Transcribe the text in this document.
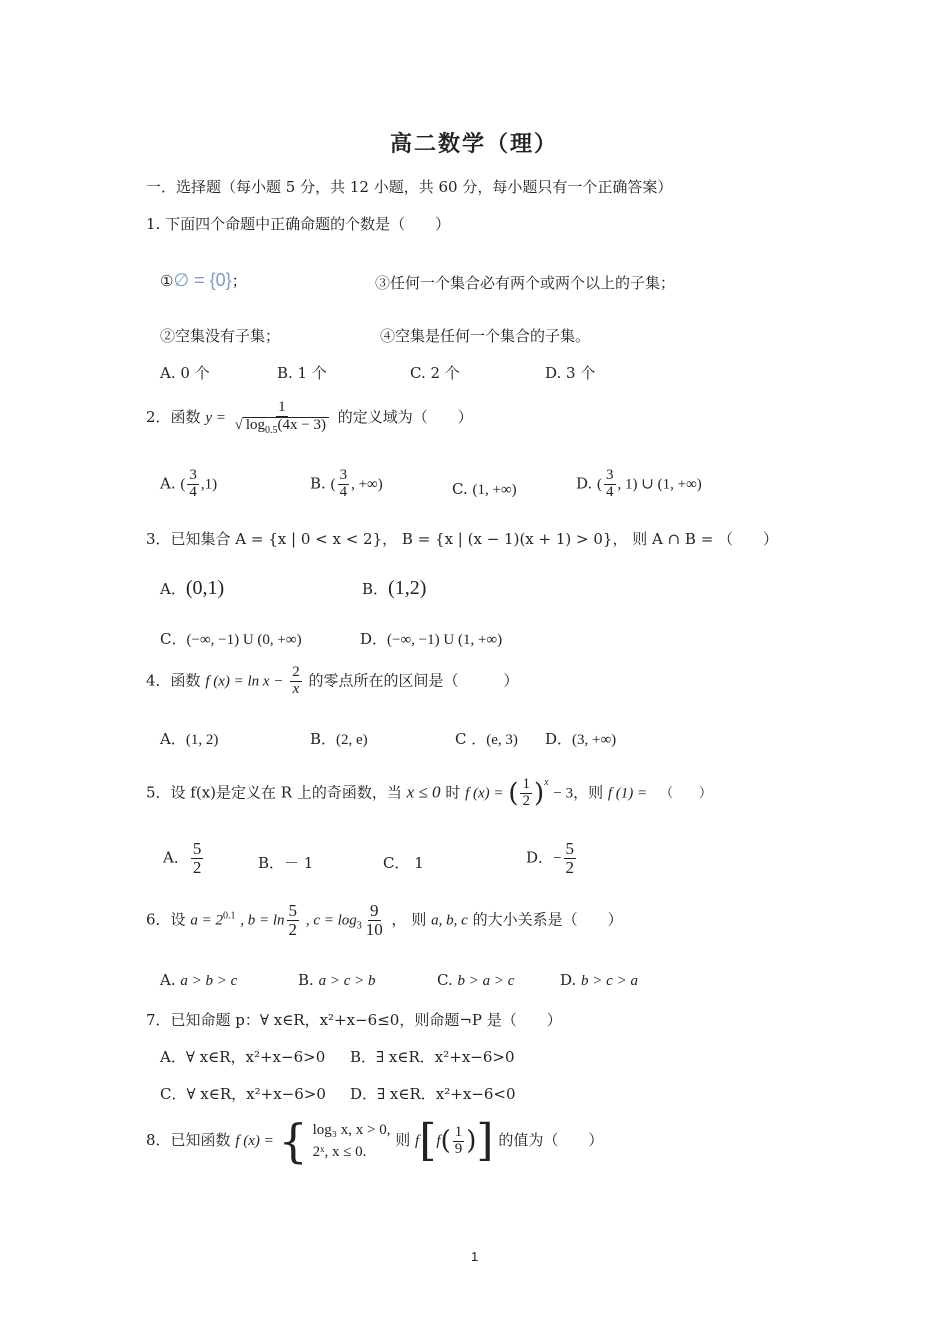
高二数学（理）
一．选择题（每小题 5 分，共 12 小题，共 60 分，每小题只有一个正确答案）
1. 下面四个命题中正确命题的个数是（　　）
①∅ = {0}；	③任何一个集合必有两个或两个以上的子集；
②空集没有子集；	④空集是任何一个集合的子集。
A. 0 个	B. 1 个	C. 2 个	D. 3 个
2．函数 $y = \frac{1}{√ \log_{0.5}(4x - 3)}$ 的定义域为（　　）
A. ( $\frac{3}{4} ,1$)	B. ( $\frac{3}{4}$ , +∞)	C. (1, +∞)	D. ( $\frac{3}{4}$ , 1) ∪ (1, +∞)
3．已知集合 A = {x | 0 < x < 2}， B = {x | (x − 1)(x + 1) > 0}， 则 A ∩ B = （　　）
A．(0,1)	B．(1,2)
C．(−∞, −1) U (0, +∞)	D．(−∞, −1) U (1, +∞)
4．函数 f $(x) = \ln x - \frac{2}{x}$ 的零点所在的区间是（　　　）
A．(1, 2)	B．(2, e)	C ．(e, 3) D．(3, +∞)
5．设 f(x)是定义在 R 上的奇函数，当 x ≤ 0 时 f (x) = ( $\frac{1}{2} )^x - 3$，则 f (1) = （　　）
A． $\frac{5}{2}$	B．－ 1	C． 1	D．− $\frac{5}{2}$
6．设 $a = 2^{0.1}$ , $b = \ln \frac{5}{2}$ , $c = \log_3 \frac{9}{10}$ ， 则 a, b, c 的大小关系是（　　）
A. a > b > c	B. a > c > b	C. b > a > c	D. b > c > a
7．已知命题 p：∀ x∈R，x²+x−6≤0，则命题¬P 是（　　）
A．∀ x∈R，x²+x−6>0 B．∃ x∈R．x²+x−6>0
C．∀ x∈R，x²+x−6>0 D．∃ x∈R．x²+x−6<0
8．已知函数 f (x) = { log₃ x, x > 0,
2ˣ, x ≤ 0.
则 $f[f( \frac{1}{9}$ )] 的值为（　　）
1
